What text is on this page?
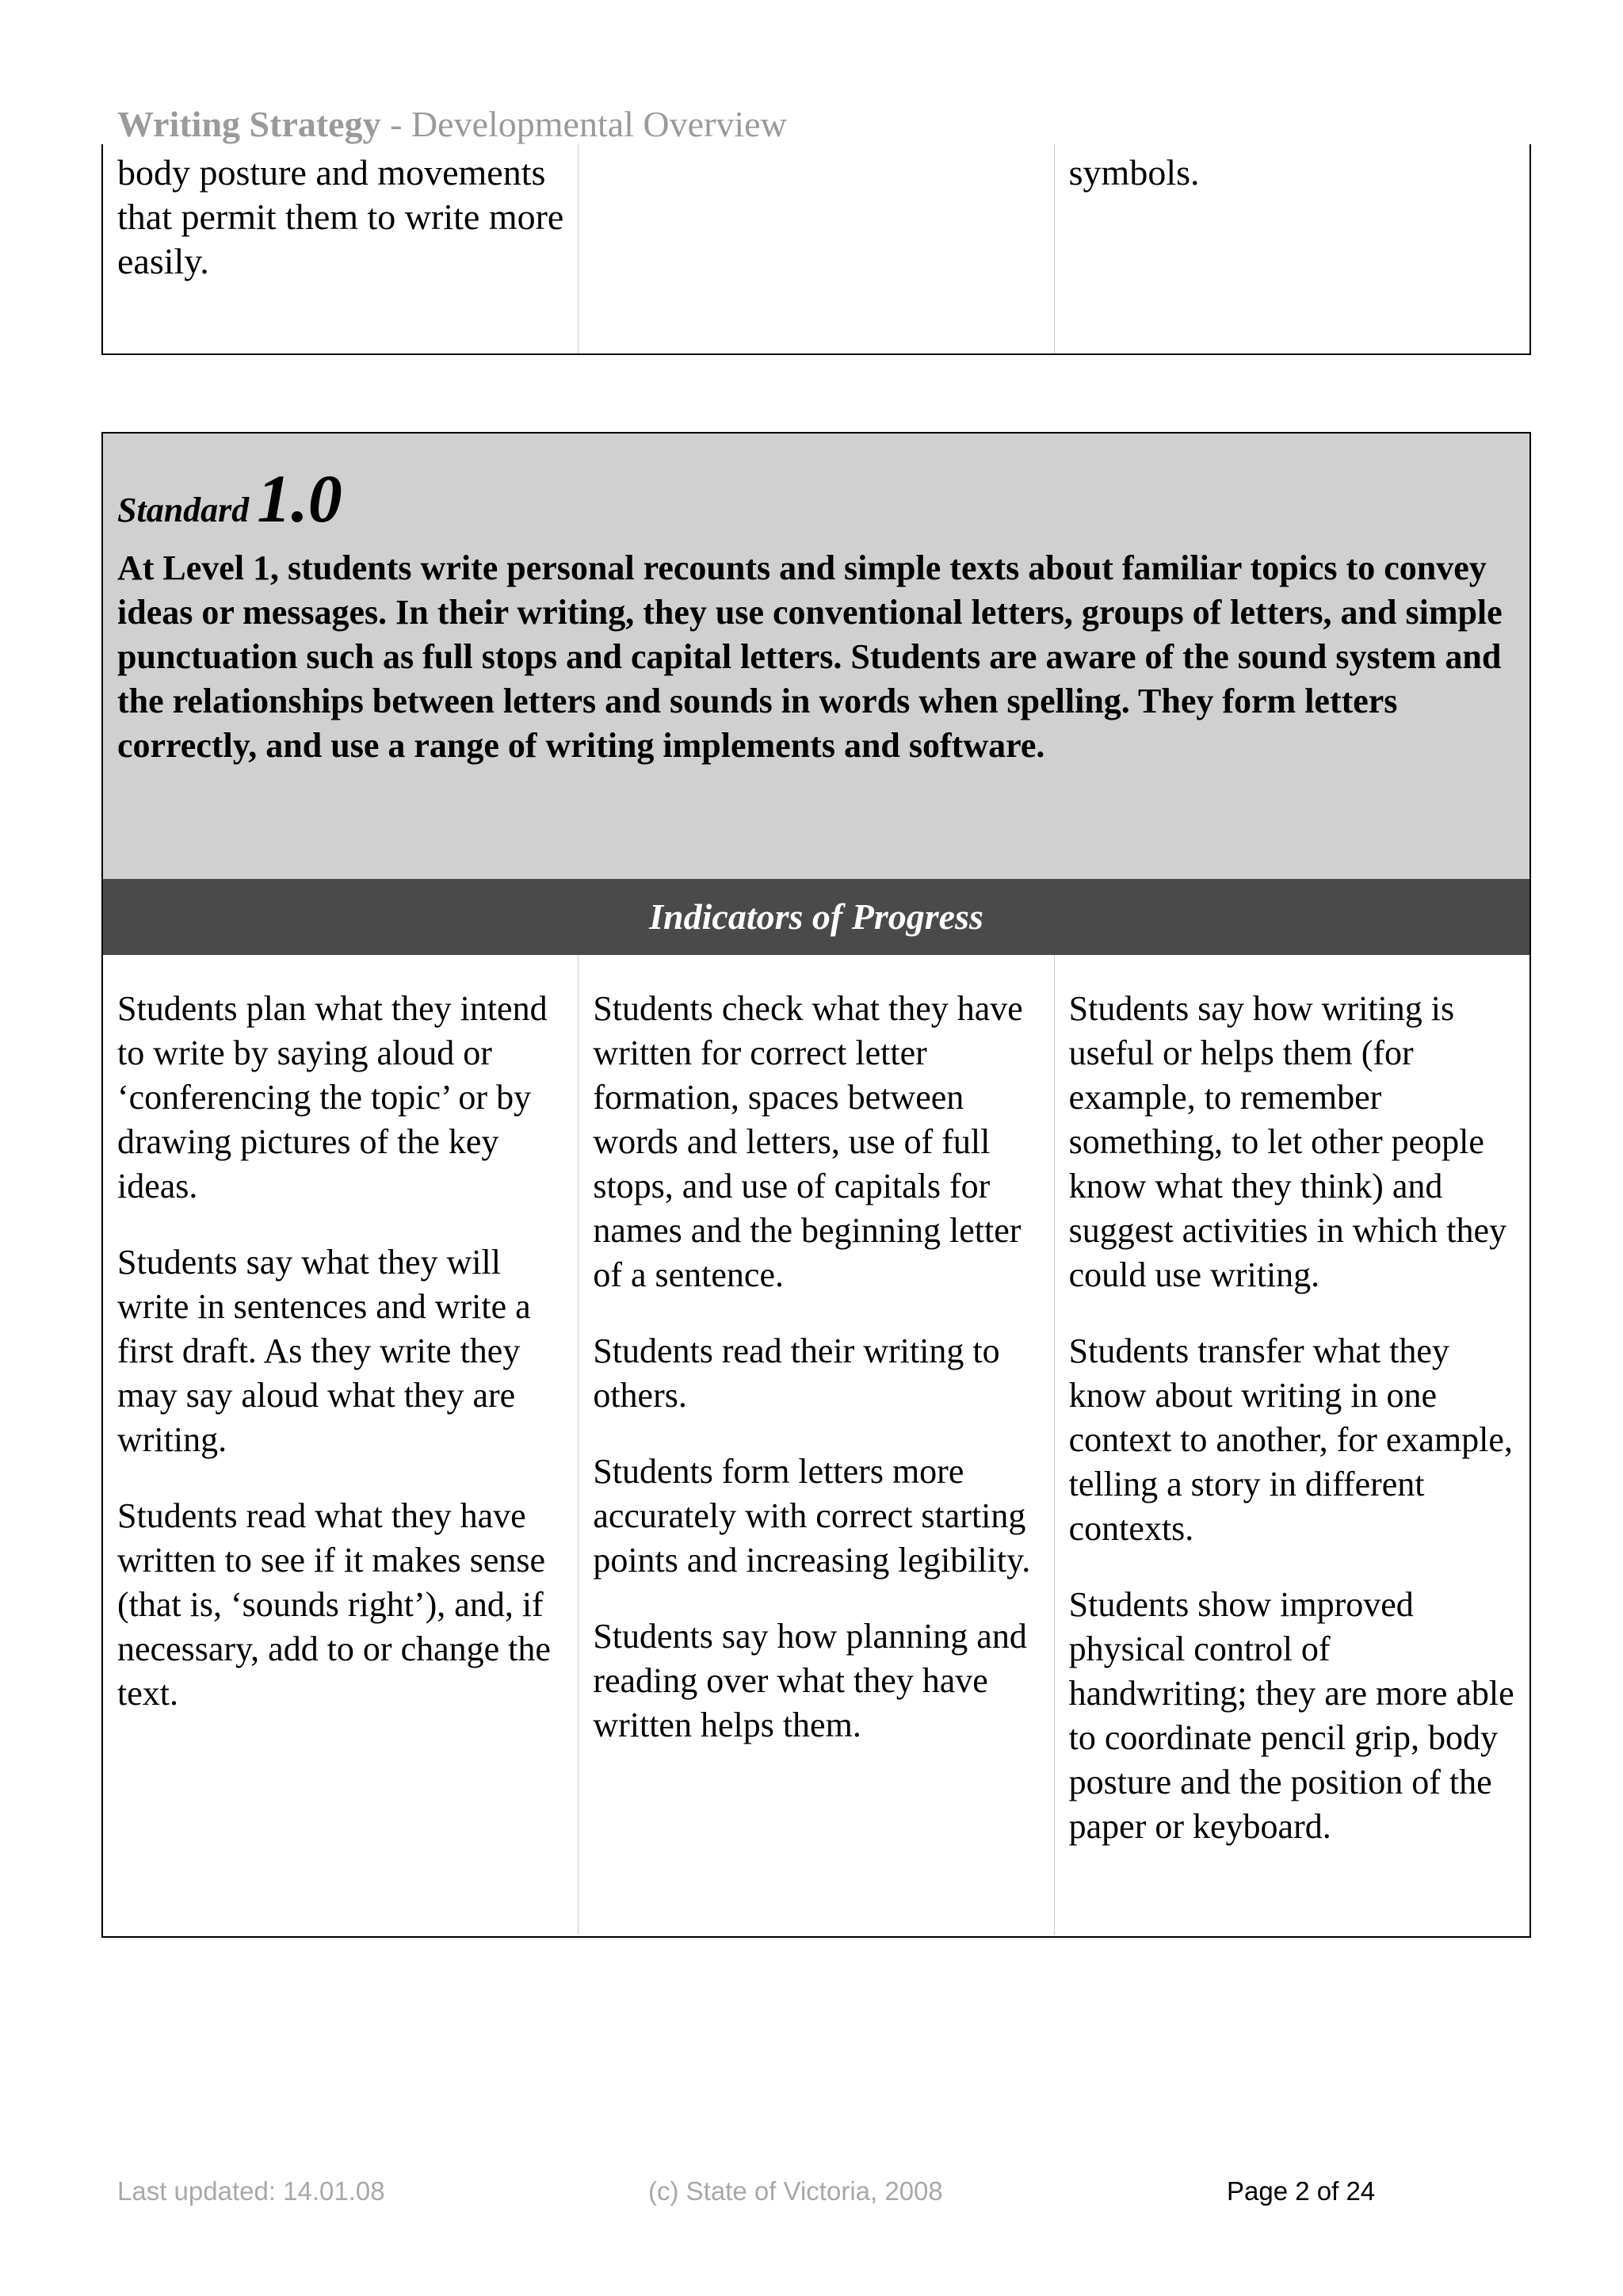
Writing Strategy - Developmental Overview
body posture and movements that permit them to write more easily.
symbols.
Standard 1.0
At Level 1, students write personal recounts and simple texts about familiar topics to convey ideas or messages. In their writing, they use conventional letters, groups of letters, and simple punctuation such as full stops and capital letters. Students are aware of the sound system and the relationships between letters and sounds in words when spelling. They form letters correctly, and use a range of writing implements and software.
Indicators of Progress

Students plan what they intend to write by saying aloud or ‘conferencing the topic’ or by drawing pictures of the key ideas.

Students say what they will write in sentences and write a first draft. As they write they may say aloud what they are writing.

Students read what they have written to see if it makes sense (that is, ‘sounds right’), and, if necessary, add to or change the text.

Students check what they have written for correct letter formation, spaces between words and letters, use of full stops, and use of capitals for names and the beginning letter of a sentence.

Students read their writing to others.

Students form letters more accurately with correct starting points and increasing legibility.

Students say how planning and reading over what they have written helps them.

Students say how writing is useful or helps them (for example, to remember something, to let other people know what they think) and suggest activities in which they could use writing.

Students transfer what they know about writing in one context to another, for example, telling a story in different contexts.

Students show improved physical control of handwriting; they are more able to coordinate pencil grip, body posture and the position of the paper or keyboard.

Last updated: 14.01.08	(c) State of Victoria, 2008	Page 2 of 24
